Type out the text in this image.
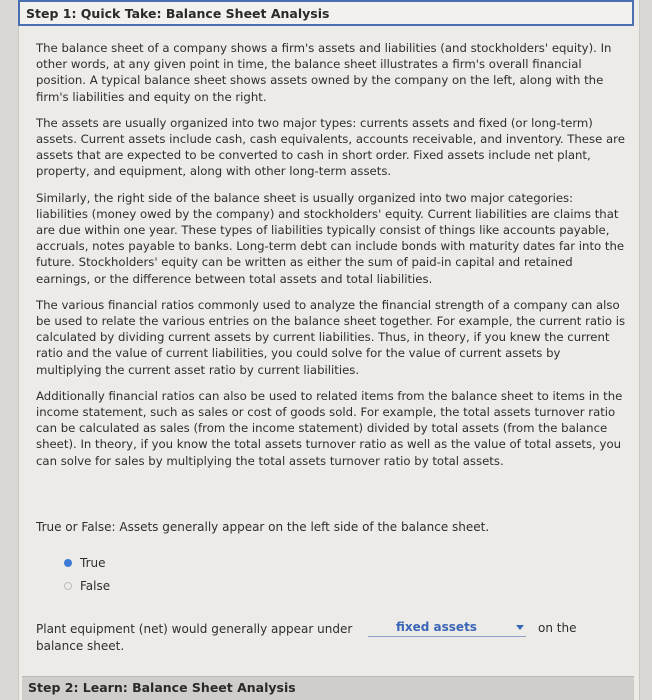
Step 1: Quick Take: Balance Sheet Analysis

The balance sheet of a company shows a firm's assets and liabilities (and stockholders' equity). In other words, at any given point in time, the balance sheet illustrates a firm's overall financial position. A typical balance sheet shows assets owned by the company on the left, along with the firm's liabilities and equity on the right.

The assets are usually organized into two major types: currents assets and fixed (or long-term) assets. Current assets include cash, cash equivalents, accounts receivable, and inventory. These are assets that are expected to be converted to cash in short order. Fixed assets include net plant, property, and equipment, along with other long-term assets.

Similarly, the right side of the balance sheet is usually organized into two major categories: liabilities (money owed by the company) and stockholders' equity. Current liabilities are claims that are due within one year. These types of liabilities typically consist of things like accounts payable, accruals, notes payable to banks. Long-term debt can include bonds with maturity dates far into the future. Stockholders' equity can be written as either the sum of paid-in capital and retained earnings, or the difference between total assets and total liabilities.

The various financial ratios commonly used to analyze the financial strength of a company can also be used to relate the various entries on the balance sheet together. For example, the current ratio is calculated by dividing current assets by current liabilities. Thus, in theory, if you knew the current ratio and the value of current liabilities, you could solve for the value of current assets by multiplying the current asset ratio by current liabilities.

Additionally financial ratios can also be used to related items from the balance sheet to items in the income statement, such as sales or cost of goods sold. For example, the total assets turnover ratio can be calculated as sales (from the income statement) divided by total assets (from the balance sheet). In theory, if you know the total assets turnover ratio as well as the value of total assets, you can solve for sales by multiplying the total assets turnover ratio by total assets.

True or False: Assets generally appear on the left side of the balance sheet.
True
False
Plant equipment (net) would generally appear under	fixed assets	on the
balance sheet.
Step 2: Learn: Balance Sheet Analysis
